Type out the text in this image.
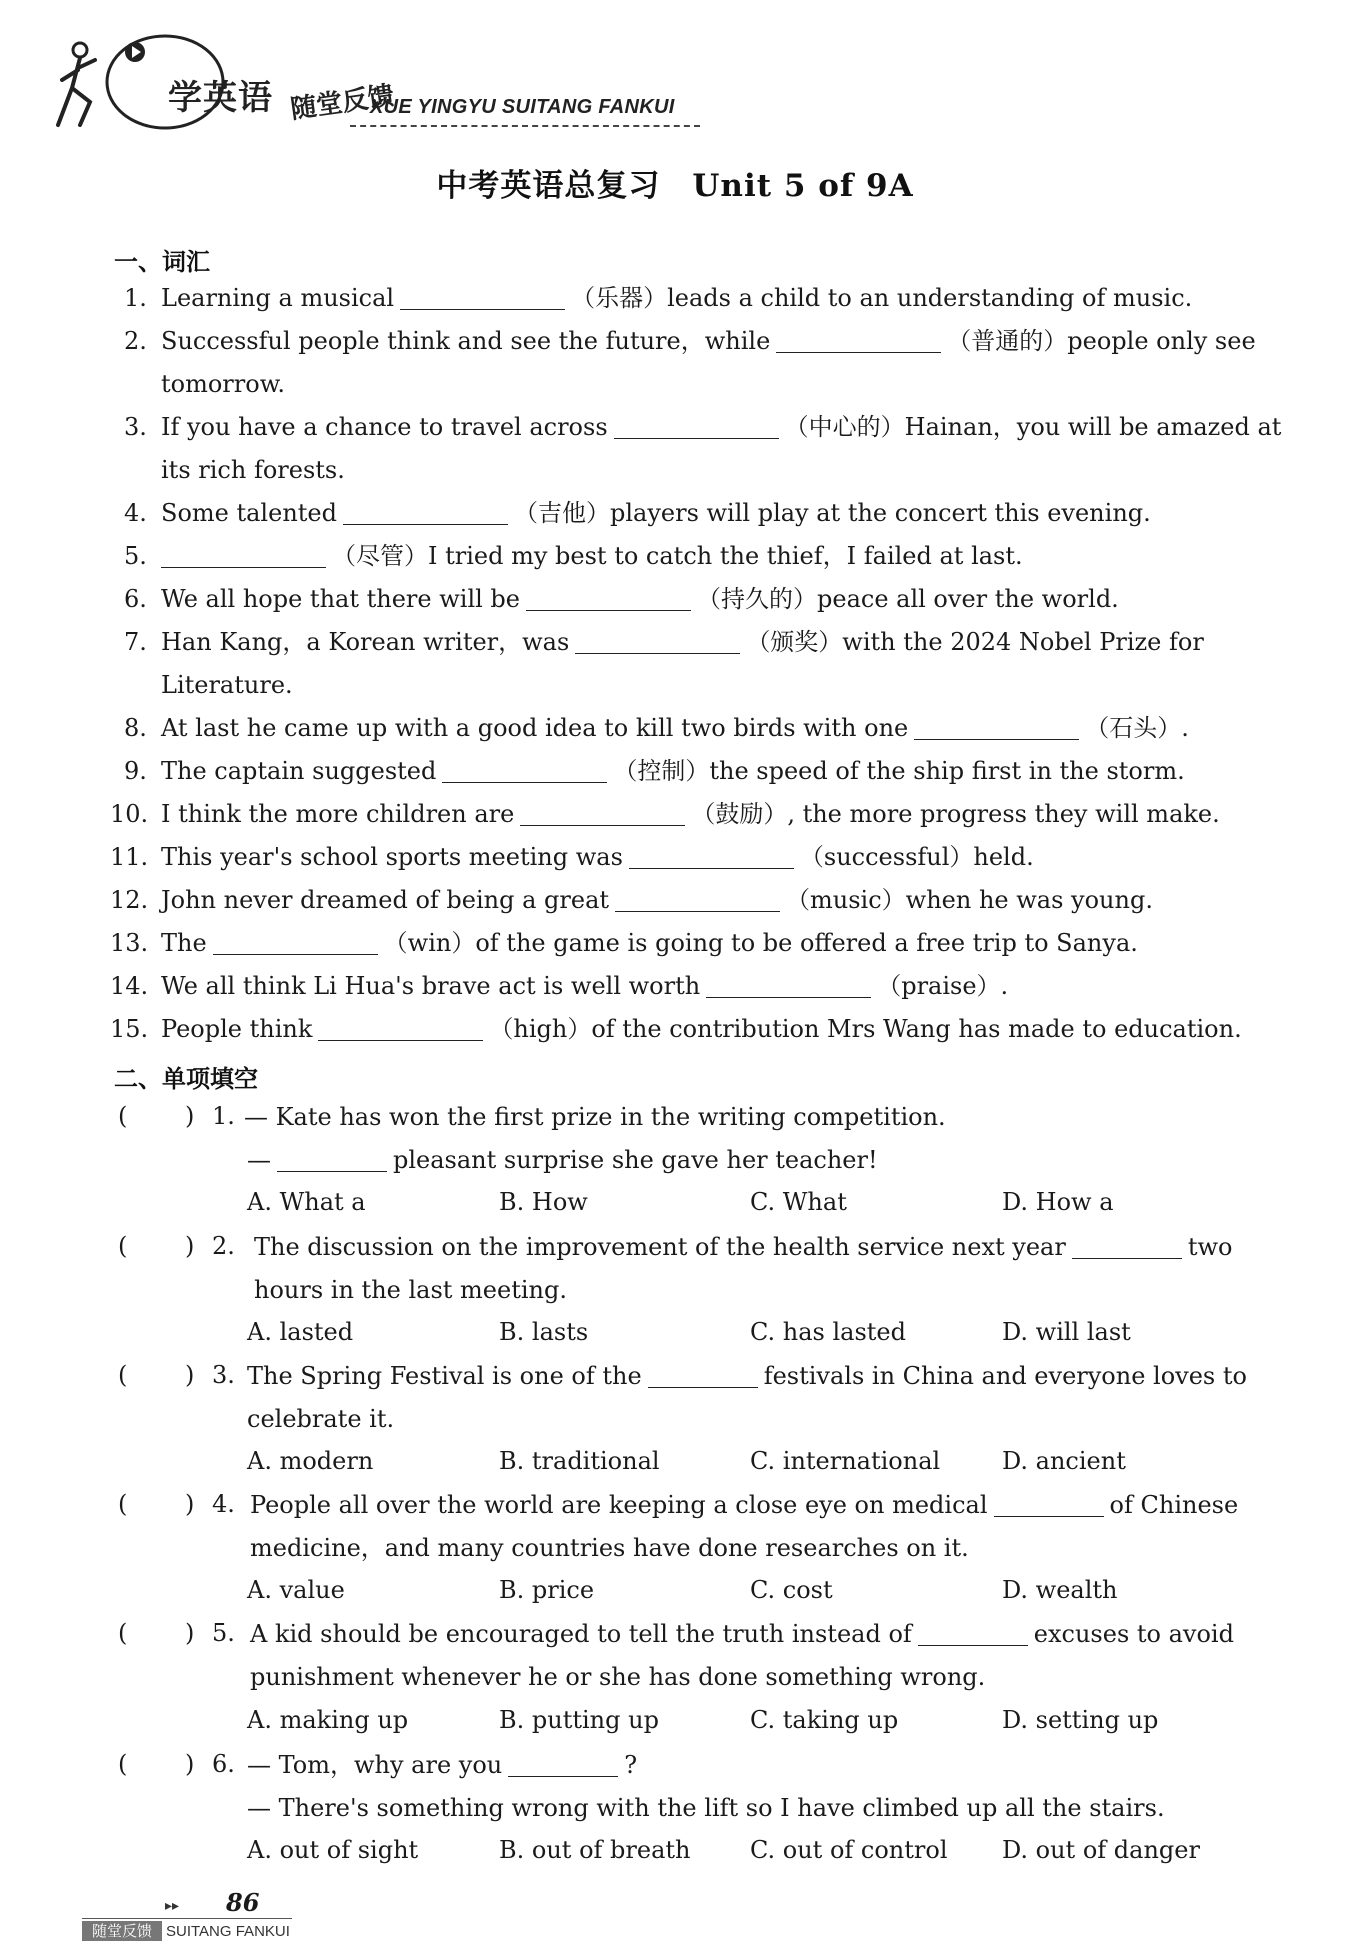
学英语 随堂反馈
XUE YINGYU SUITANG FANKUI
中考英语总复习　Unit 5 of 9A
一、词汇
1. Learning a musical	（乐器）leads a child to an understanding of music.
2. Successful people think and see the future，while	（普通的）people only see
tomorrow.
3. If you have a chance to travel across	（中心的）Hainan，you will be amazed at
its rich forests.
4. Some talented	（吉他）players will play at the concert this evening.
5.	（尽管）I tried my best to catch the thief，I failed at last.
6. We all hope that there will be	（持久的）peace all over the world.
7. Han Kang，a Korean writer，was	（颁奖）with the 2024 Nobel Prize for
Literature.
8. At last he came up with a good idea to kill two birds with one	（石头）.
9. The captain suggested	（控制）the speed of the ship first in the storm.
10. I think the more children are	（鼓励）, the more progress they will make.
11. This year's school sports meeting was	（successful）held.
12. John never dreamed of being a great	（music）when he was young.
13. The	（win）of the game is going to be offered a free trip to Sanya.
14. We all think Li Hua's brave act is well worth	（praise）.
15. People think	（high）of the contribution Mrs Wang has made to education.
二、单项填空
( ) 1. — Kate has won the first prize in the writing competition.
—	pleasant surprise she gave her teacher!
A. What a	B. How	C. What	D. How a
( ) 2. The discussion on the improvement of the health service next year	two
hours in the last meeting.
A. lasted	B. lasts	C. has lasted	D. will last
( ) 3. The Spring Festival is one of the	festivals in China and everyone loves to
celebrate it.
A. modern	B. traditional	C. international	D. ancient
( ) 4. People all over the world are keeping a close eye on medical	of Chinese
medicine，and many countries have done researches on it.
A. value	B. price	C. cost	D. wealth
( ) 5. A kid should be encouraged to tell the truth instead of	excuses to avoid
punishment whenever he or she has done something wrong.
A. making up	B. putting up	C. taking up	D. setting up
( ) 6. — Tom，why are you	?
— There's something wrong with the lift so I have climbed up all the stairs.
A. out of sight	B. out of breath C. out of control D. out of danger
▸▸ 86
随堂反馈 SUITANG FANKUI
